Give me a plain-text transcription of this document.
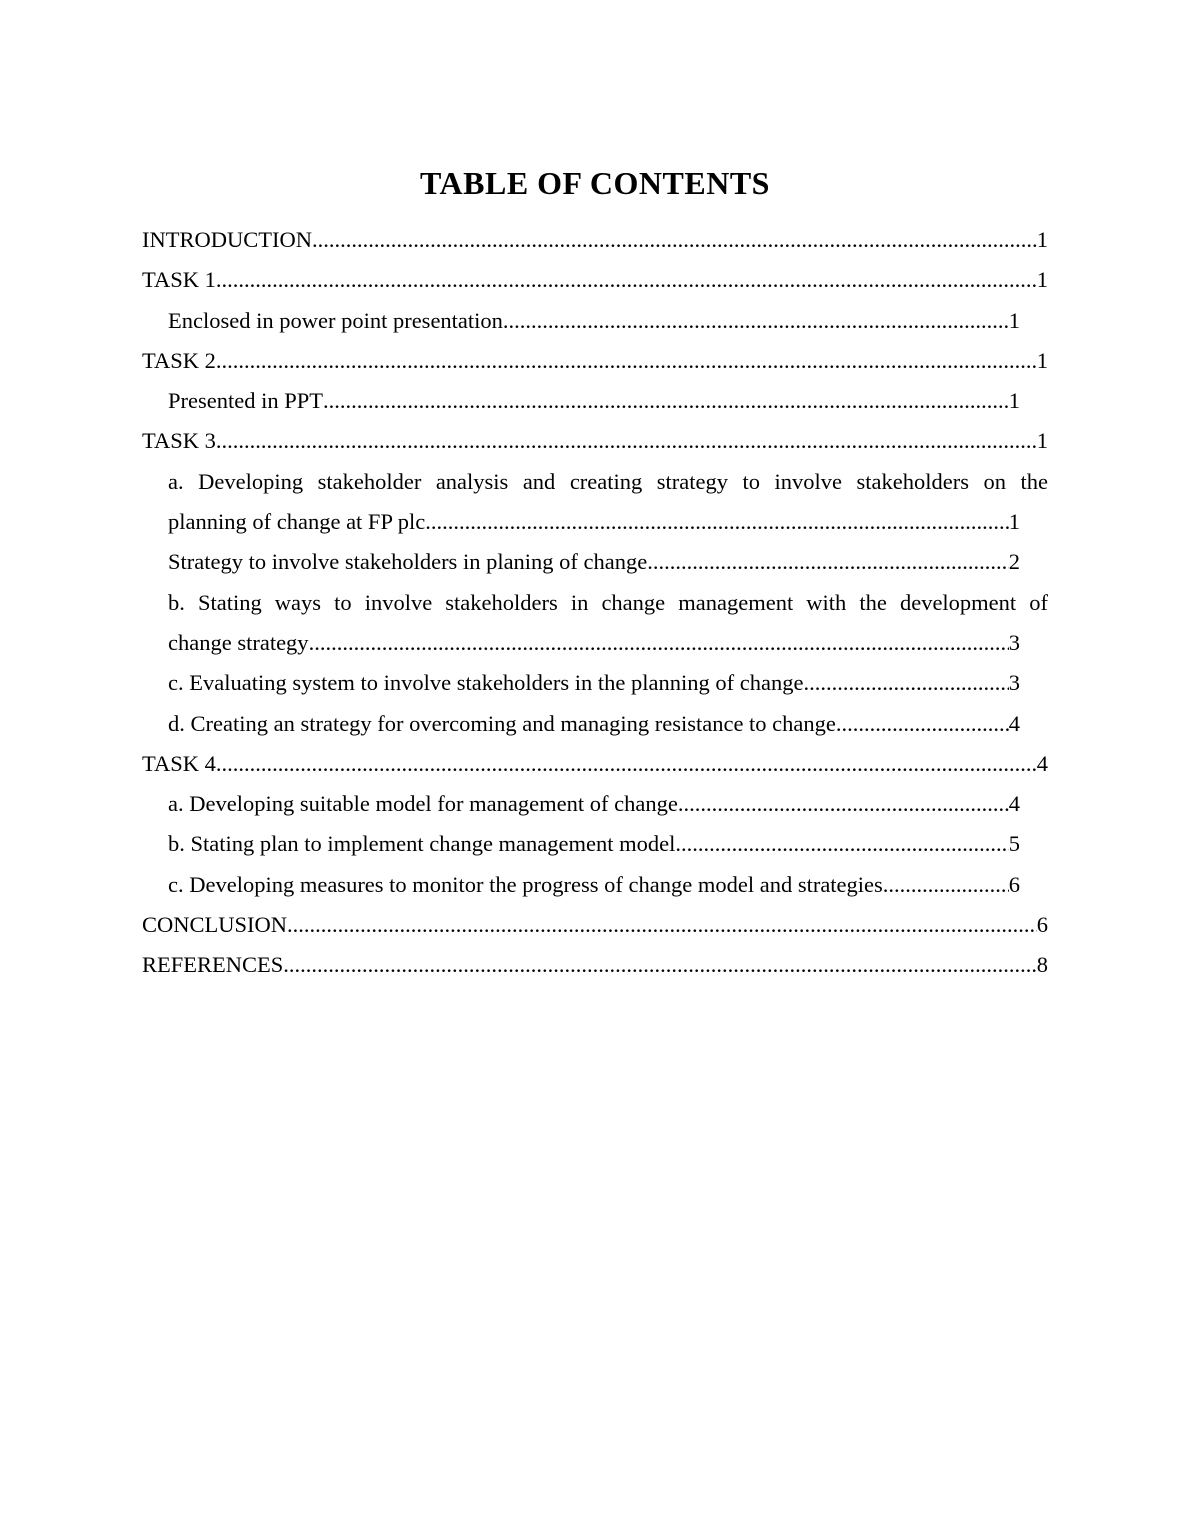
TABLE OF CONTENTS
INTRODUCTION .....	1
TASK 1 .....	1
Enclosed in power point presentation .....	1
TASK 2 .....	1
Presented in PPT .....	1
TASK 3 .....	1
a. Developing stakeholder analysis and creating strategy to involve stakeholders on the
planning of change at FP plc .....	1
Strategy to involve stakeholders in planing of change .....	2
b. Stating ways to involve stakeholders in change management with the development of
change strategy .....	3
c. Evaluating system to involve stakeholders in the planning of change .....	3
d. Creating an strategy for overcoming and managing resistance to change .....	4
TASK 4 .....	4
a. Developing suitable model for management of change .....	4
b. Stating plan to implement change management model .....	5
c. Developing measures to monitor the progress of change model and strategies .....	6
CONCLUSION .....	6
REFERENCES .....	8
